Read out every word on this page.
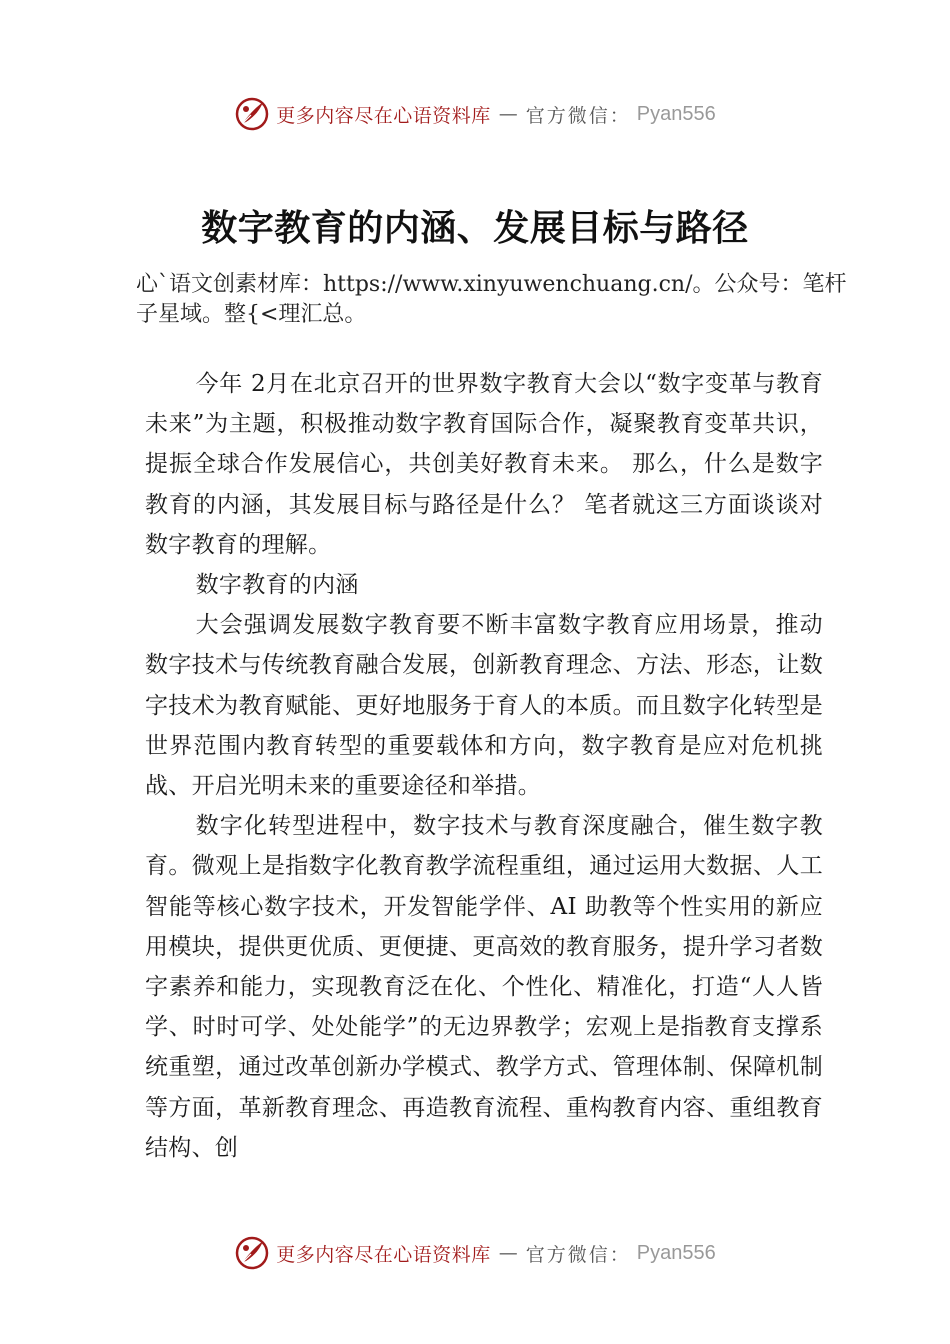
更多内容尽在心语资料库 — 官方微信： Pyan556
数字教育的内涵、发展目标与路径
心`语文创素材库：https://www.xinyuwenchuang.cn/。公众号：笔杆子星域。整{<理汇总。

今年 2月在北京召开的世界数字教育大会以“数字变革与教育未来”为主题，积极推动数字教育国际合作，凝聚教育变革共识，提振全球合作发展信心，共创美好教育未来。 那么，什么是数字教育的内涵，其发展目标与路径是什么？ 笔者就这三方面谈谈对数字教育的理解。

数字教育的内涵

大会强调发展数字教育要不断丰富数字教育应用场景，推动数字技术与传统教育融合发展，创新教育理念、方法、形态，让数字技术为教育赋能、更好地服务于育人的本质。而且数字化转型是世界范围内教育转型的重要载体和方向，数字教育是应对危机挑战、开启光明未来的重要途径和举措。

数字化转型进程中，数字技术与教育深度融合，催生数字教育。微观上是指数字化教育教学流程重组，通过运用大数据、人工智能等核心数字技术，开发智能学伴、AI 助教等个性实用的新应用模块，提供更优质、更便捷、更高效的教育服务，提升学习者数字素养和能力，实现教育泛在化、个性化、精准化，打造“人人皆学、时时可学、处处能学”的无边界教学；宏观上是指教育支撑系统重塑，通过改革创新办学模式、教学方式、管理体制、保障机制等方面，革新教育理念、再造教育流程、重构教育内容、重组教育结构、创

更多内容尽在心语资料库 — 官方微信： Pyan556
